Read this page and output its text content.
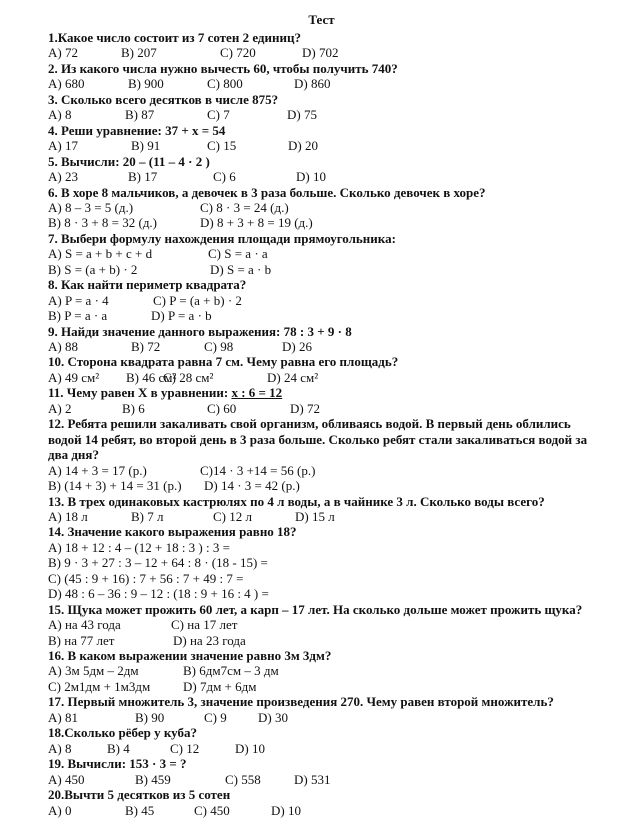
Тест
1.Какое число состоит из 7 сотен 2 единиц?
A) 72	B) 207	C) 720	D) 702
2. Из какого числа нужно вычесть 60, чтобы получить 740?
A) 680	B) 900	C) 800	D) 860
3. Сколько всего десятков в числе 875?
A) 8	B) 87	C) 7	D) 75
4. Реши уравнение: 37 + x = 54
A) 17	B) 91	C) 15	D) 20
5. Вычисли: 20 – (11 – 4 · 2 )
A) 23	B) 17	C) 6	D) 10
6. В хоре 8 мальчиков, а девочек в 3 раза больше. Сколько девочек в хоре?
A) 8 – 3 = 5 (д.)	C) 8 · 3 = 24 (д.)
B) 8 · 3 + 8 = 32 (д.)	D) 8 + 3 + 8 = 19 (д.)
7. Выбери формулу нахождения площади прямоугольника:
A) S = a + b + c + d	C) S = a · a
B) S = (a + b) · 2	D) S = a · b
8. Как найти периметр квадрата?
A) P = a · 4	C) P = (a + b) · 2
B) P = a · a	D) P = a · b
9. Найди значение данного выражения: 78 : 3 + 9 · 8
A) 88	B) 72	C) 98	D) 26
10. Сторона квадрата равна 7 см. Чему равна его площадь?
A) 49 см² B) 46 см²
C) 28 см²	D) 24 см²
11. Чему равен X в уравнении: x : 6 = 12
A) 2	B) 6	C) 60	D) 72
12. Ребята решили закаливать свой организм, обливаясь водой. В первый день облились
водой 14 ребят, во второй день в 3 раза больше. Сколько ребят стали закаливаться водой за
два дня?
A) 14 + 3 = 17 (р.)	C)14 · 3 +14 = 56 (р.)
B) (14 + 3) + 14 = 31 (р.) D) 14 · 3 = 42 (р.)
13. В трех одинаковых кастрюлях по 4 л воды, а в чайнике 3 л. Сколько воды всего?
A) 18 л	B) 7 л	C) 12 л	D) 15 л
14. Значение какого выражения равно 18?
A) 18 + 12 : 4 – (12 + 18 : 3 ) : 3 =
B) 9 · 3 + 27 : 3 – 12 + 64 : 8 · (18 - 15) =
C) (45 : 9 + 16) : 7 + 56 : 7 + 49 : 7 =
D) 48 : 6 – 36 : 9 – 12 : (18 : 9 + 16 : 4 ) =
15. Щука может прожить 60 лет, а карп – 17 лет. На сколько дольше может прожить щука?
A) на 43 года	C) на 17 лет
B) на 77 лет	D) на 23 года
16. В каком выражении значение равно 3м 3дм?
A) 3м 5дм – 2дм	B) 6дм7см – 3 дм
C) 2м1дм + 1м3дм	D) 7дм + 6дм
17. Первый множитель 3, значение произведения 270. Чему равен второй множитель?
A) 81	B) 90	C) 9 D) 30
18.Сколько рёбер у куба?
A) 8	B) 4	C) 12	D) 10
19. Вычисли: 153 · 3 = ?
A) 450	B) 459	C) 558	D) 531
20.Вычти 5 десятков из 5 сотен
A) 0	B) 45	C) 450	D) 10
